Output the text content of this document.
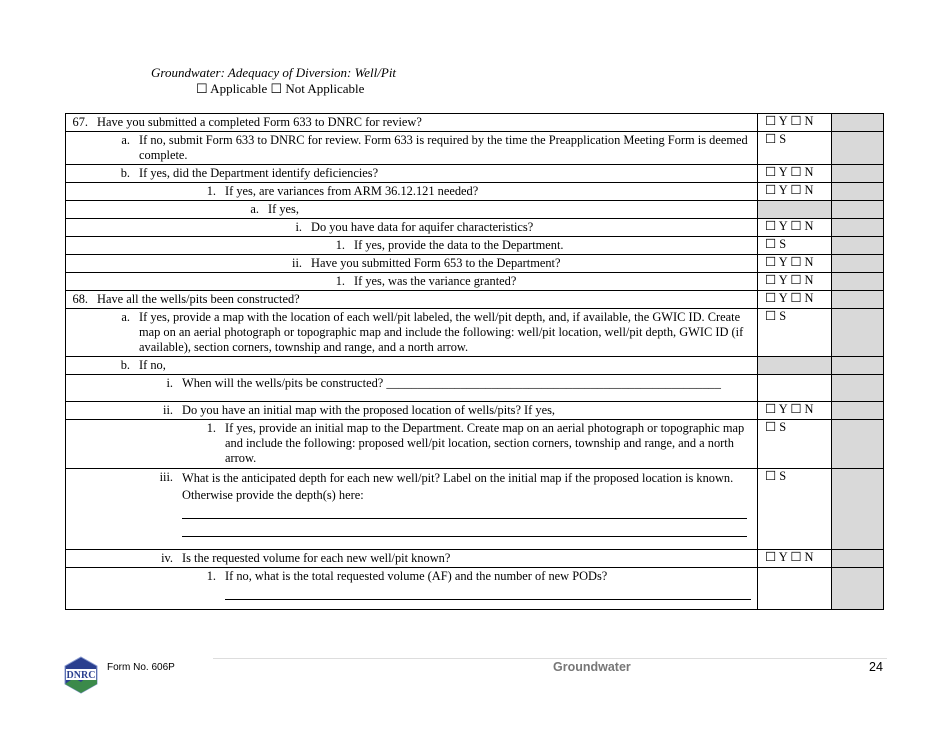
Groundwater: Adequacy of Diversion: Well/Pit
☐ Applicable ☐ Not Applicable
67. Have you submitted a completed Form 633 to DNRC for review?	☐ Y ☐ N	

a. If no, submit Form 633 to DNRC for review. Form 633 is required by the time the Preapplication Meeting Form is deemed complete.	☐ S	

b. If yes, did the Department identify deficiencies?	☐ Y ☐ N	

1. If yes, are variances from ARM 36.12.121 needed?	☐ Y ☐ N	

a. If yes,		

i. Do you have data for aquifer characteristics?	☐ Y ☐ N	

1. If yes, provide the data to the Department.	☐ S	

ii. Have you submitted Form 653 to the Department?	☐ Y ☐ N	

1. If yes, was the variance granted?	☐ Y ☐ N	

68. Have all the wells/pits been constructed?	☐ Y ☐ N	

a. If yes, provide a map with the location of each well/pit labeled, the well/pit depth, and, if available, the GWIC ID. Create map on an aerial photograph or topographic map and include the following: well/pit location, well/pit depth, GWIC ID (if available), section corners, township and range, and a north arrow.	☐ S	

b. If no,		

i. When will the wells/pits be constructed? ______________________________________________________		

ii. Do you have an initial map with the proposed location of wells/pits? If yes,	☐ Y ☐ N	

1. If yes, provide an initial map to the Department. Create map on an aerial photograph or topographic map and include the following: proposed well/pit location, section corners, township and range, and a north arrow.	☐ S	

iii. What is the anticipated depth for each new well/pit? Label on the initial map if the proposed location is known. Otherwise provide the depth(s) here:	☐ S	

iv. Is the requested volume for each new well/pit known?	☐ Y ☐ N	

1. If no, what is the total requested volume (AF) and the number of new PODs?		

DNRC
Form No. 606P	Groundwater	24
